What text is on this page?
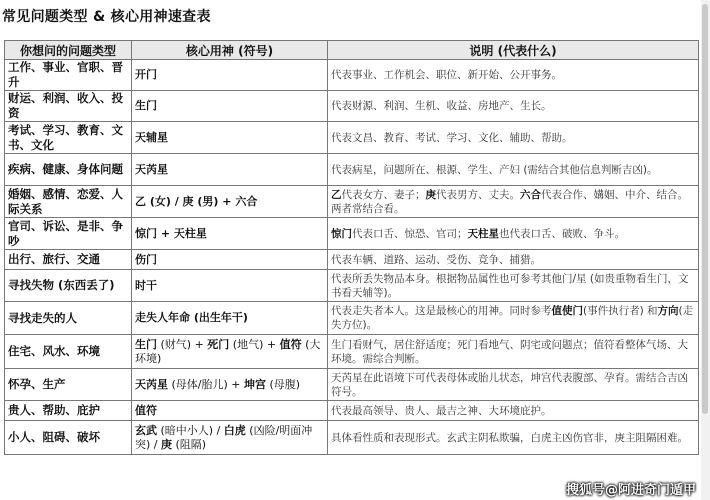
常见问题类型 & 核心用神速查表
你想问的问题类型	核心用神 (符号)	说明 (代表什么)
工作、事业、官职、晋升	开门	代表事业、工作机会、职位、新开始、公开事务。
财运、利润、收入、投资	生门	代表财源、利润、生机、收益、房地产、生长。
考试、学习、教育、文书、文化	天辅星	代表文昌、教育、考试、学习、文化、辅助、帮助。
疾病、健康、身体问题	天芮星	代表病星，问题所在、根源、学生、产妇 (需结合其他信息判断吉凶)。
婚姻、感情、恋爱、人际关系	乙 (女) / 庚 (男) + 六合	乙代表女方、妻子；庚代表男方、丈夫。六合代表合作、媾姻、中介、结合。两者常结合看。
官司、诉讼、是非、争吵	惊门 + 天柱星	惊门代表口舌、惊恐、官司；天柱星也代表口舌、破败、争斗。
出行、旅行、交通	伤门	代表车辆、道路、运动、受伤、竞争、捕猎。
寻找失物 (东西丢了)	时干	代表所丢失物品本身。根据物品属性也可参考其他门/星 (如贵重物看生门，文书看天辅等)。
寻找走失的人	走失人年命 (出生年干)	代表走失者本人。这是最核心的用神。同时参考值使门(事件执行者) 和方向(走失方位)。
住宅、风水、环境	生门 (财气) + 死门 (地气) + 值符 (大环境)	生门看财气，居住舒适度；死门看地气、阴宅或问题点；值符看整体气场、大环境。需综合判断。
怀孕、生产	天芮星 (母体/胎儿) + 坤宫 (母腹)	天芮星在此语境下可代表母体或胎儿状态，坤宫代表腹部、孕育。需结合吉凶符号。
贵人、帮助、庇护	值符	代表最高领导、贵人、最吉之神、大环境庇护。
小人、阻碍、破坏	玄武 (暗中小人) / 白虎 (凶险/明面冲突) / 庚 (阻隔)	具体看性质和表现形式。玄武主阴私欺骗，白虎主凶伤官非，庚主阻隔困难。
搜狐号@阿进奇门遁甲
